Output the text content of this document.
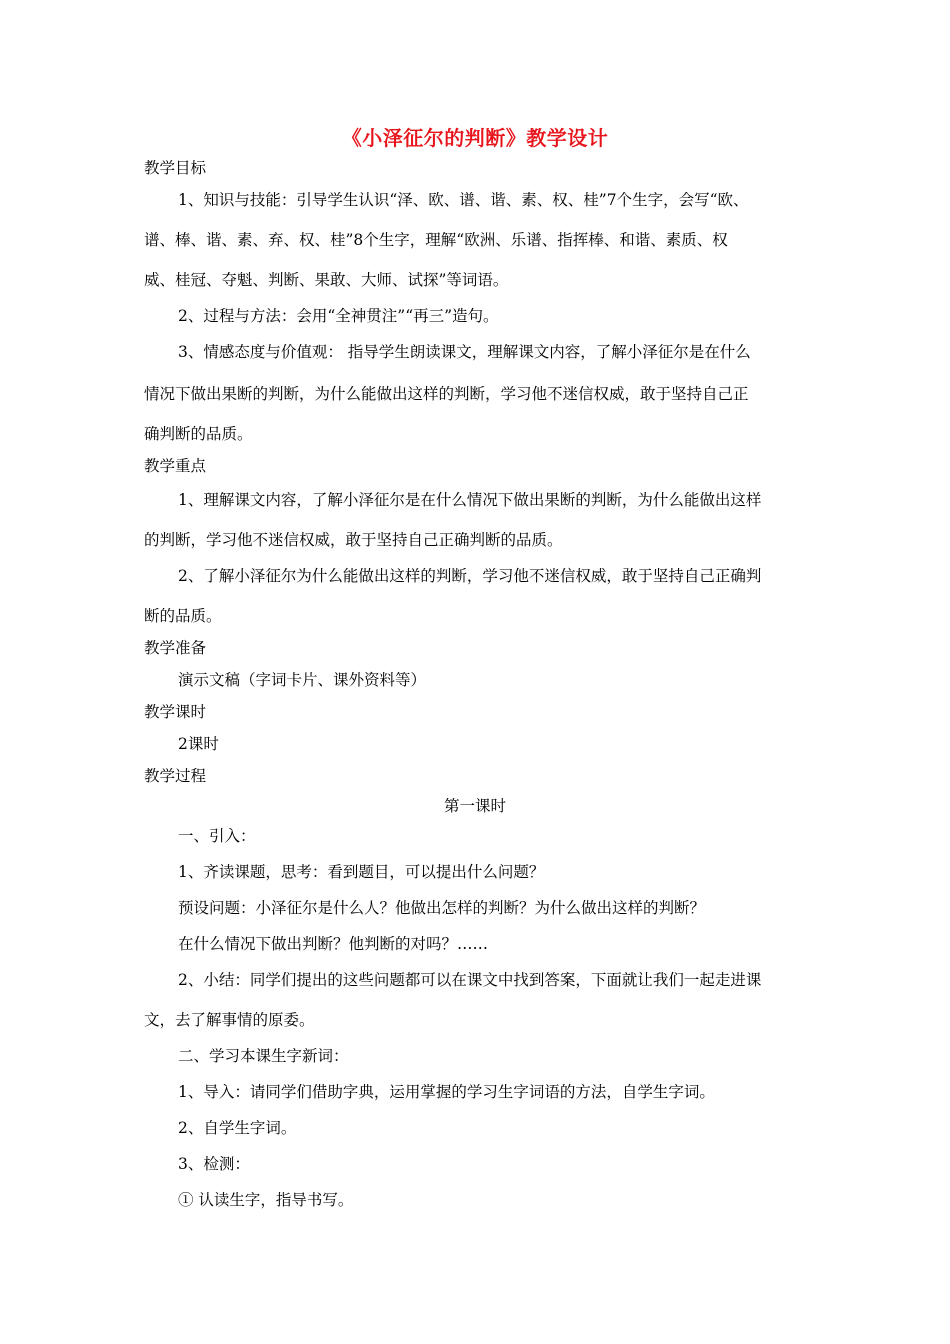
《小泽征尔的判断》教学设计
教学目标
1、知识与技能：引导学生认识“泽、欧、谱、谐、素、权、桂”7个生字，会写“欧、
谱、棒、谐、素、弃、权、桂”8个生字，理解“欧洲、乐谱、指挥棒、和谐、素质、权
威、桂冠、夺魁、判断、果敢、大师、试探”等词语。
2、过程与方法：会用“全神贯注”“再三”造句。
3、情感态度与价值观： 指导学生朗读课文，理解课文内容，了解小泽征尔是在什么
情况下做出果断的判断，为什么能做出这样的判断，学习他不迷信权威，敢于坚持自己正
确判断的品质。
教学重点
1、理解课文内容，了解小泽征尔是在什么情况下做出果断的判断，为什么能做出这样
的判断，学习他不迷信权威，敢于坚持自己正确判断的品质。
2、了解小泽征尔为什么能做出这样的判断，学习他不迷信权威，敢于坚持自己正确判
断的品质。
教学准备
演示文稿（字词卡片、课外资料等）
教学课时
2课时
教学过程
第一课时
一、引入：
1、齐读课题，思考：看到题目，可以提出什么问题？
预设问题：小泽征尔是什么人？他做出怎样的判断？为什么做出这样的判断？
在什么情况下做出判断？他判断的对吗？……
2、小结：同学们提出的这些问题都可以在课文中找到答案，下面就让我们一起走进课
文，去了解事情的原委。
二、学习本课生字新词：
1、导入：请同学们借助字典，运用掌握的学习生字词语的方法，自学生字词。
2、自学生字词。
3、检测：
① 认读生字，指导书写。
